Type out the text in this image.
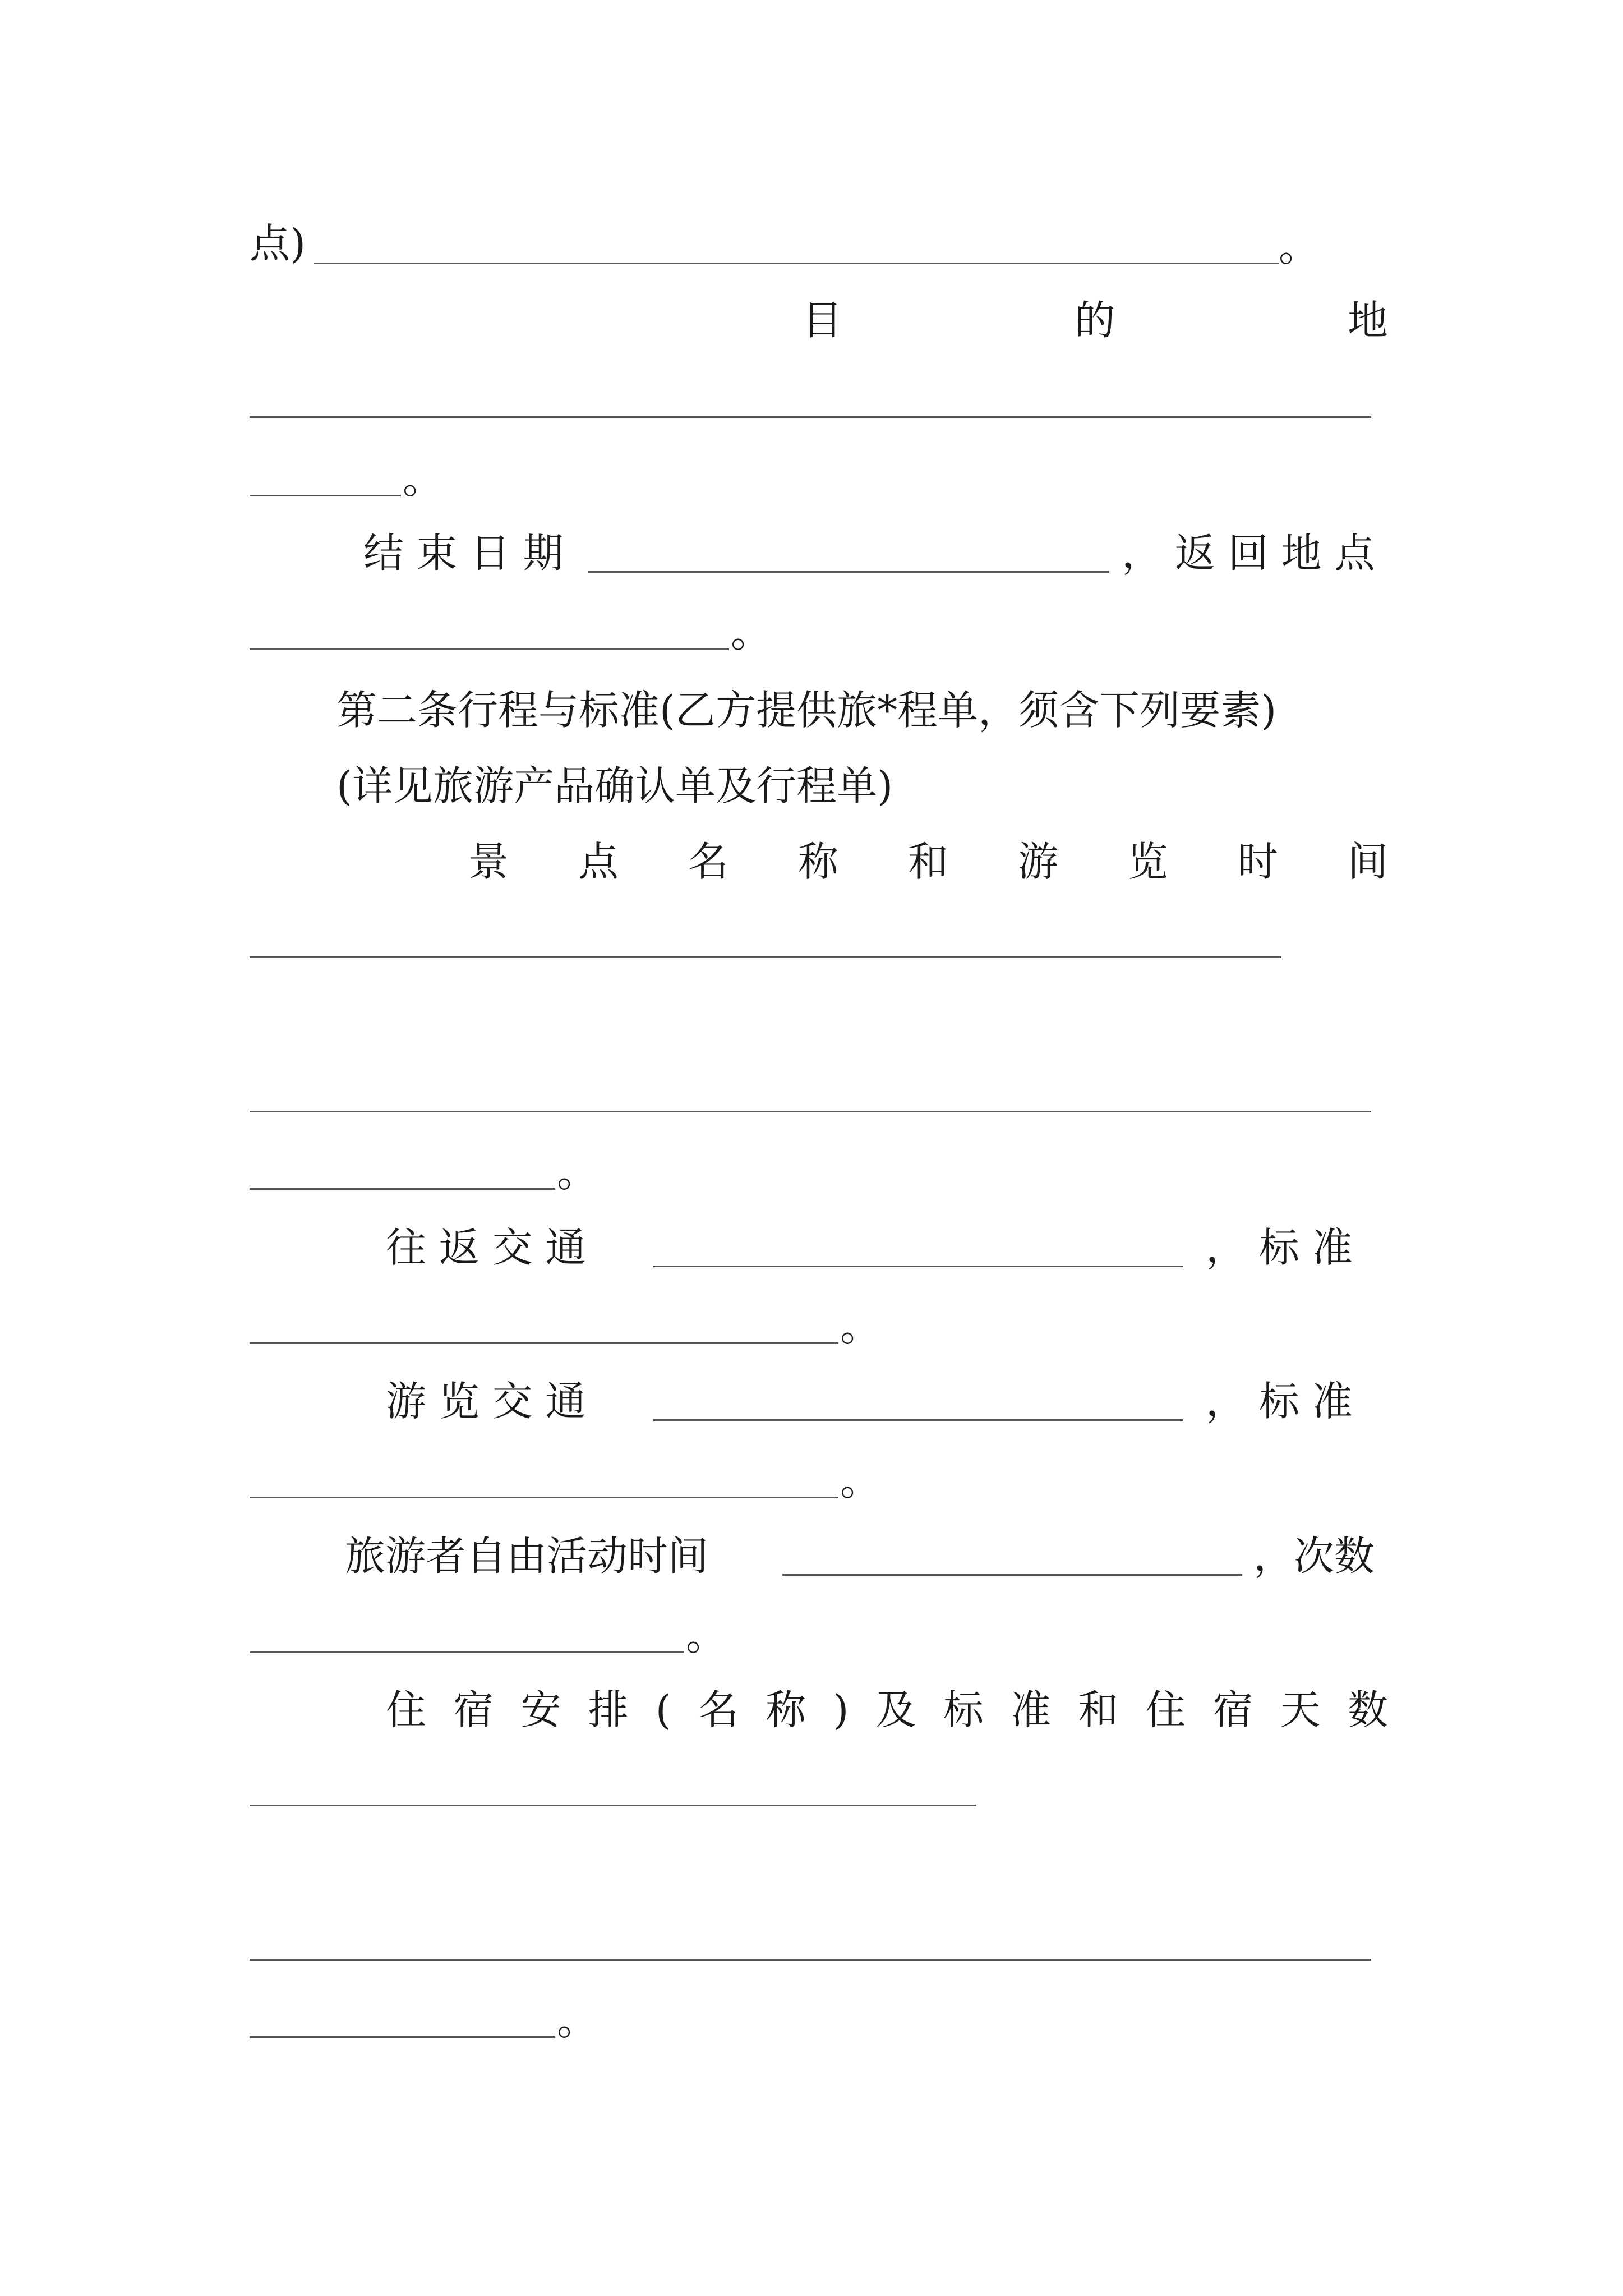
点)	。
目	的	地
。
结 束 日 期	， 返 回 地 点
。
第二条行程与标准(乙方提供旅*程单，须含下列要素)
(详见旅游产品确认单及行程单)
景 点 名 称 和 游 览 时 间
。
往 返 交 通	， 标 准
。
游 览 交 通	， 标 准
。
旅游者自由活动时间	，次数
。
住 宿 安 排 ( 名 称 ) 及 标 准 和 住 宿 天 数
。
